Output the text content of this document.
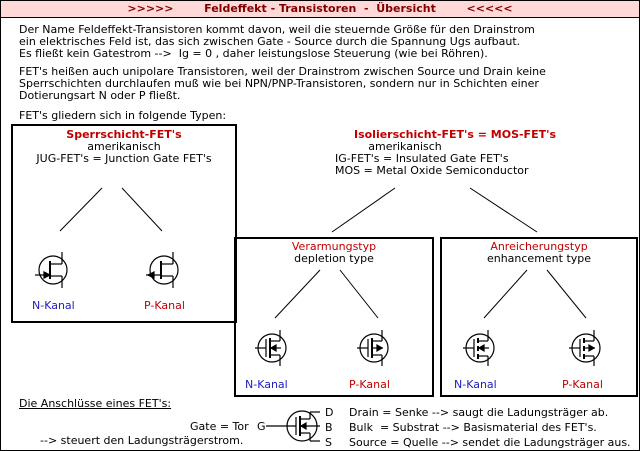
>>>>>	Feldeffekt - Transistoren  -  Übersicht	<<<<<
Der Name Feldeffekt-Transistoren kommt davon, weil die steuernde Größe für den Drainstrom
ein elektrisches Feld ist, das sich zwischen Gate - Source durch die Spannung Ugs aufbaut.
Es fließt kein Gatestrom -->  Ig = 0 , daher leistungslose Steuerung (wie bei Röhren).
FET's heißen auch unipolare Transistoren, weil der Drainstrom zwischen Source und Drain keine
Sperrschichten durchlaufen muß wie bei NPN/PNP-Transistoren, sondern nur in Schichten einer
Dotierungsart N oder P fließt.
FET's gliedern sich in folgende Typen:
Sperrschicht-FET's
amerikanisch
JUG-FET's = Junction Gate FET's
N-Kanal	P-Kanal
Isolierschicht-FET's = MOS-FET's
amerikanisch
IG-FET's = Insulated Gate FET's
MOS = Metal Oxide Semiconductor
Verarmungstyp
depletion type
N-Kanal	P-Kanal
Anreicherungstyp
enhancement type
N-Kanal	P-Kanal
Die Anschlüsse eines FET's:
Gate = Tor G
--> steuert den Ladungsträgerstrom.
D Drain = Senke --> saugt die Ladungsträger ab.
B Bulk  = Substrat --> Basismaterial des FET's.
S Source = Quelle --> sendet die Ladungsträger aus.
